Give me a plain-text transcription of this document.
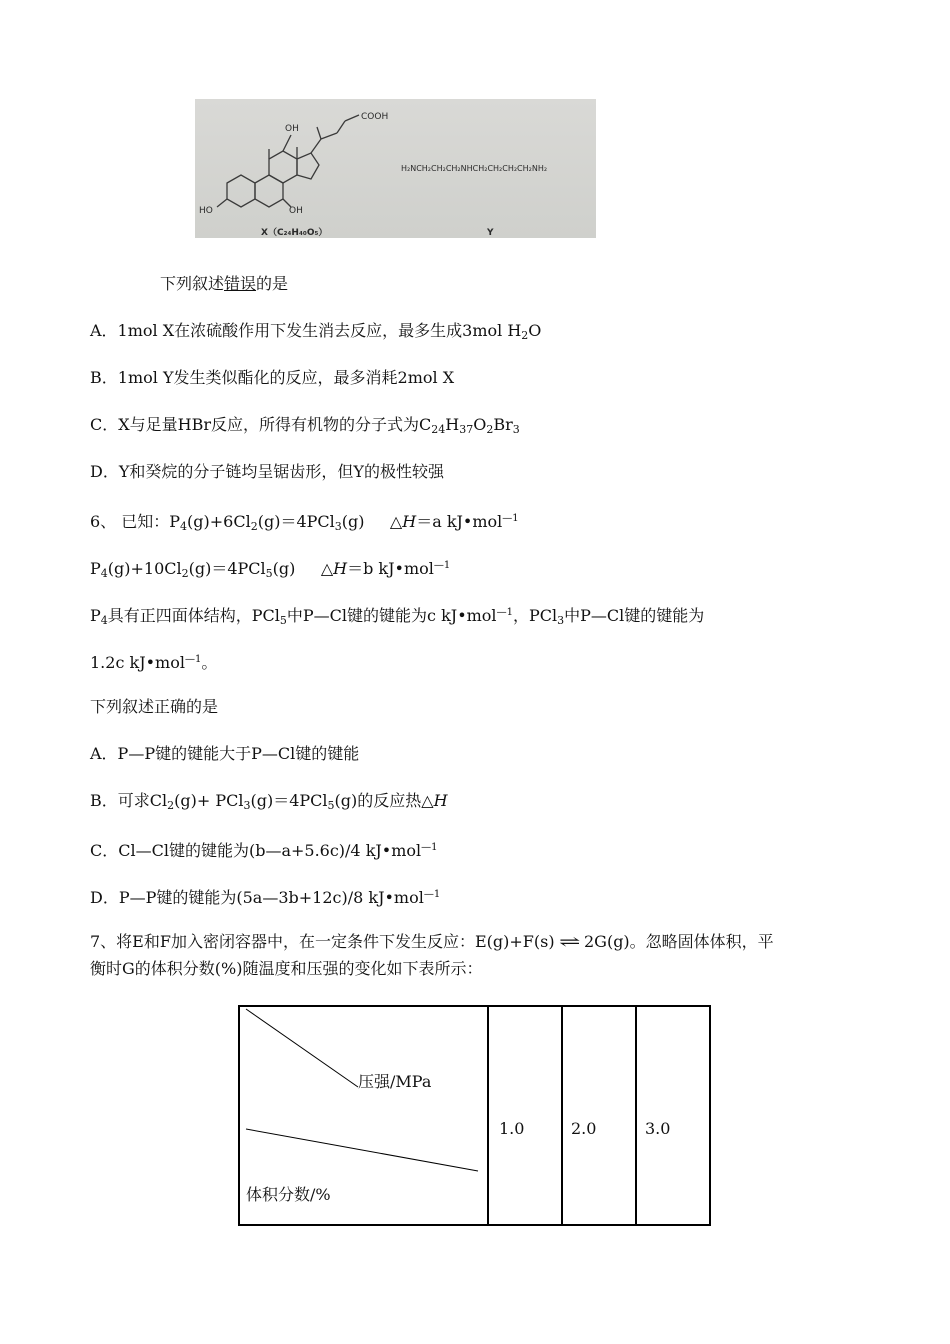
COOH
OH
HO	OH
H₂NCH₂CH₂CH₂NHCH₂CH₂CH₂CH₂NH₂
X（C₂₄H₄₀O₅）	Y
下列叙述错误的是
A．1mol X在浓硫酸作用下发生消去反应，最多生成3mol $H_2O$
B．1mol Y发生类似酯化的反应，最多消耗2mol X
C．X与足量HBr反应，所得有机物的分子式为$C_{24}H_{37}O_2Br_3$
D．Y和癸烷的分子链均呈锯齿形，但Y的极性较强
6、 已知：$P_4(g)+6Cl_2(g)=4PCl_3(g)$     △H＝a kJ•mol$^{—1}$
$P_4(g)+10Cl_2(g)=4PCl_5(g)$     △H＝b kJ•mol$^{—1}$
$P_4$具有正四面体结构，PCl$_5$中P—Cl键的键能为c kJ•mol$^{—1}$，PCl$_3$中P—Cl键的键能为
1.2c kJ•mol$^{—1}$。
下列叙述正确的是
A．P—P键的键能大于P—Cl键的键能
B．可求$Cl_2(g)+ PCl_3(g)=4PCl_5(g)$的反应热△H
C．Cl—Cl键的键能为(b—a+5.6c)/4 kJ•mol$^{—1}$
D．P—P键的键能为(5a—3b+12c)/8 kJ•mol$^{—1}$
7、将E和F加入密闭容器中，在一定条件下发生反应：E(g)+F(s) ⇌ 2G(g)。忽略固体体积，平
衡时G的体积分数(%)随温度和压强的变化如下表所示：
压强/MPa
体积分数/%
1.0	2.0	3.0
